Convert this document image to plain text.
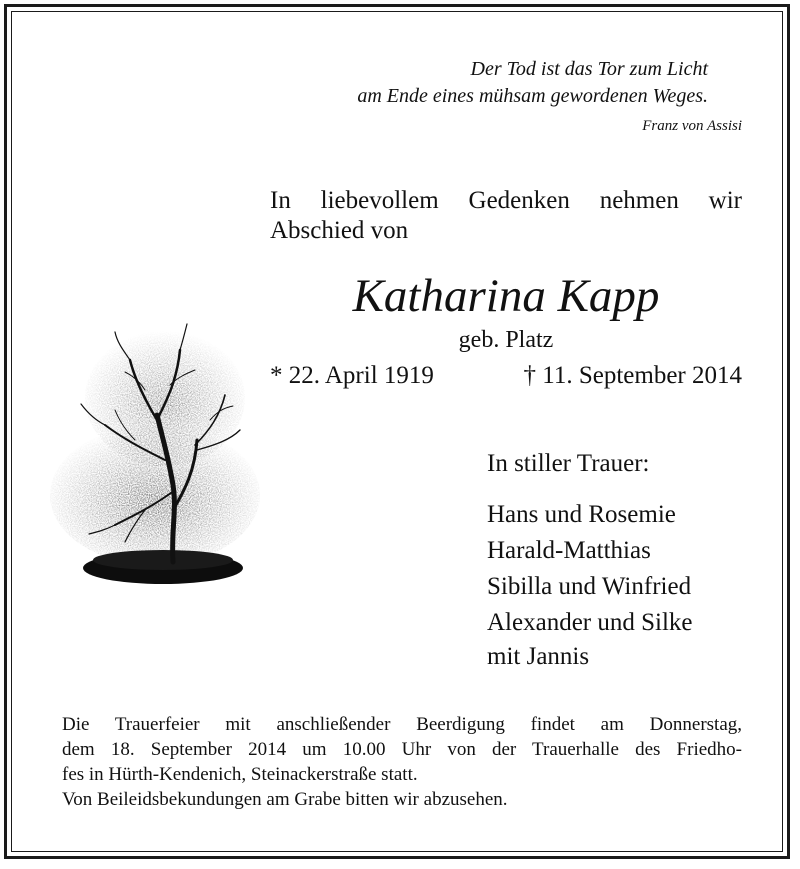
Der Tod ist das Tor zum Licht
am Ende eines mühsam gewordenen Weges.
Franz von Assisi
In liebevollem Gedenken nehmen wir
Abschied von
Katharina Kapp
geb. Platz
* 22. April 1919	† 11. September 2014
In stiller Trauer:
Hans und Rosemie
Harald-Matthias
Sibilla und Winfried
Alexander und Silke
mit Jannis
Die Trauerfeier mit anschließender Beerdigung findet am Donnerstag,
dem 18. September 2014 um 10.00 Uhr von der Trauerhalle des Friedho-
fes in Hürth-Kendenich, Steinackerstraße statt.
Von Beileidsbekundungen am Grabe bitten wir abzusehen.
